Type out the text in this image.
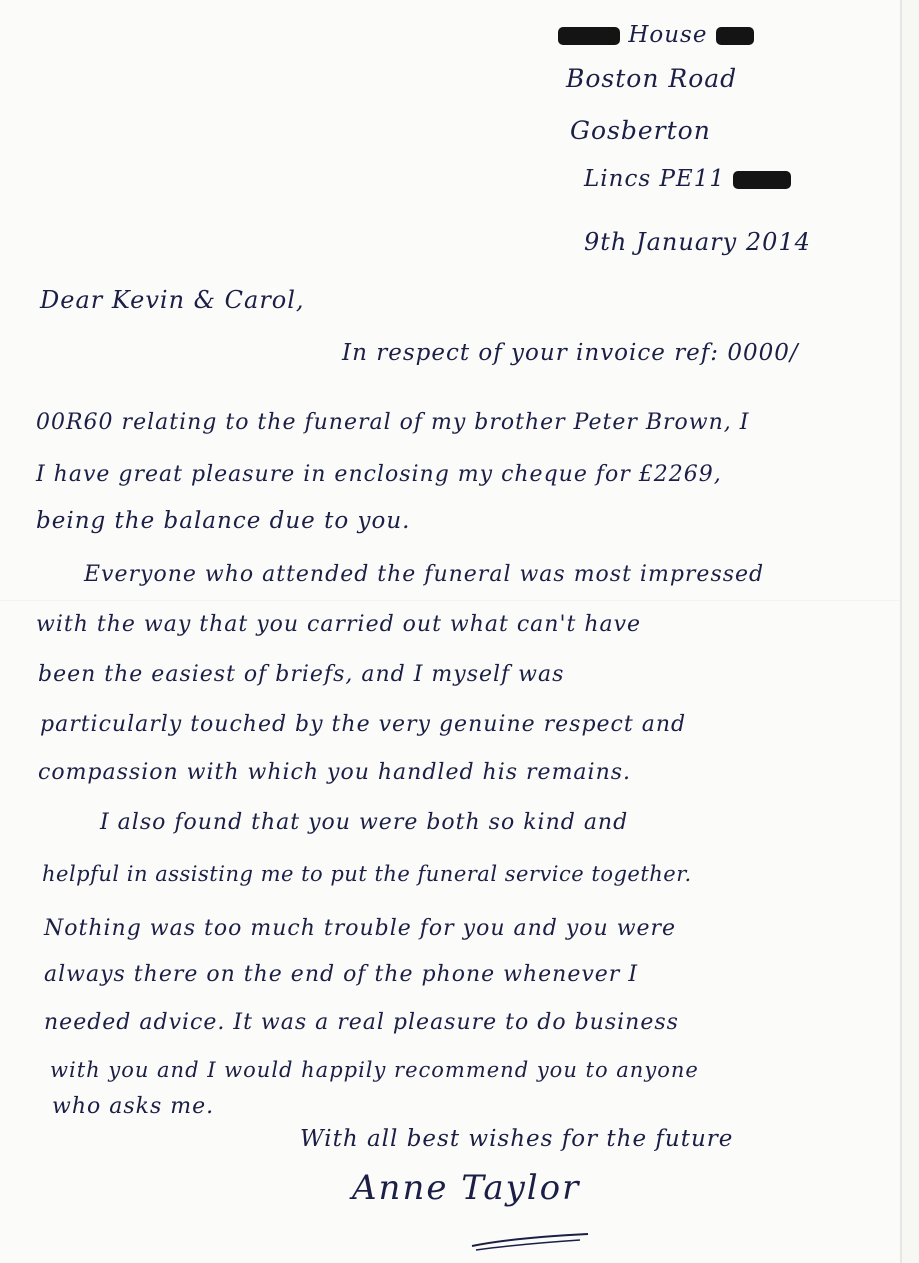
House
Boston Road
Gosberton
Lincs PE11
9th January 2014
Dear Kevin & Carol,
In respect of your invoice ref: 0000/
00R60 relating to the funeral of my brother Peter Brown, I
I have great pleasure in enclosing my cheque for £2269,
being the balance due to you.
Everyone who attended the funeral was most impressed
with the way that you carried out what can't have
been the easiest of briefs, and I myself was
particularly touched by the very genuine respect and
compassion with which you handled his remains.
I also found that you were both so kind and
helpful in assisting me to put the funeral service together.
Nothing was too much trouble for you and you were
always there on the end of the phone whenever I
needed advice. It was a real pleasure to do business
with you and I would happily recommend you to anyone
who asks me.
With all best wishes for the future
Anne Taylor
